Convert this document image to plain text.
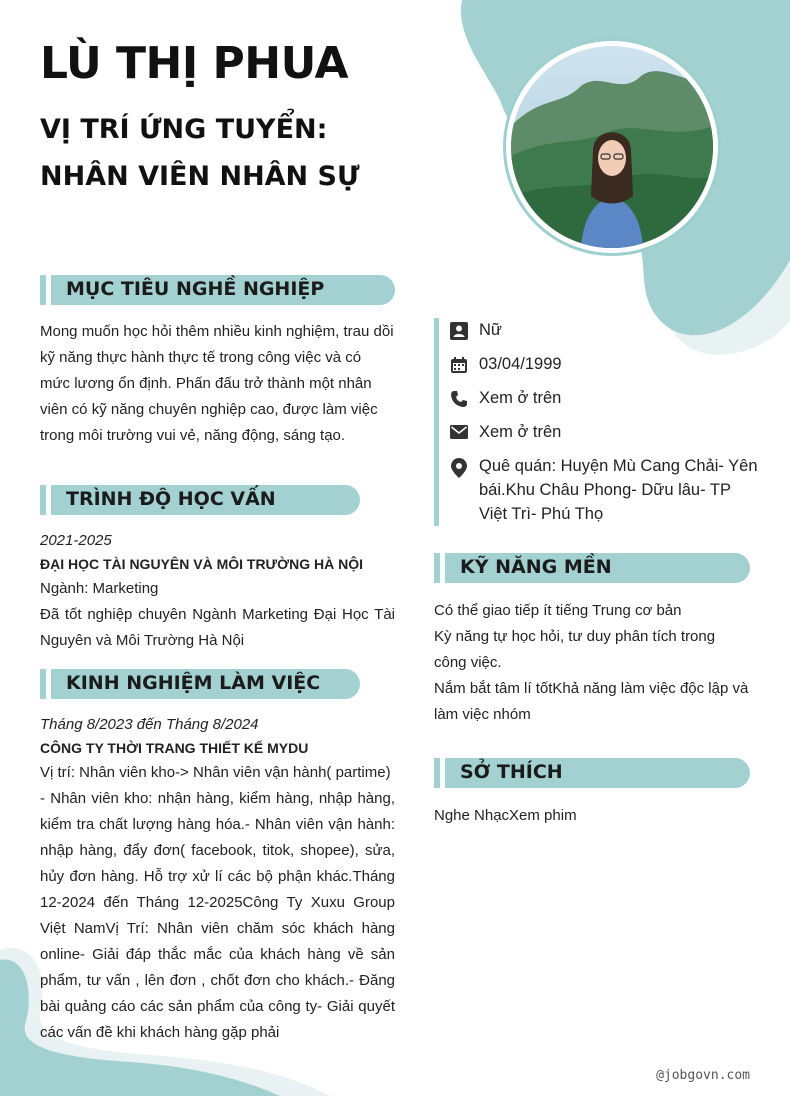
LÙ THỊ PHUA
VỊ TRÍ ỨNG TUYỂN: NHÂN VIÊN NHÂN SỰ
MỤC TIÊU NGHỀ NGHIỆP

Mong muốn học hỏi thêm nhiều kinh nghiệm, trau dồi kỹ năng thực hành thực tế trong công việc và có mức lương ổn định. Phấn đấu trở thành một nhân viên có kỹ năng chuyên nghiệp cao, được làm việc trong môi trường vui vẻ, năng động, sáng tạo.

TRÌNH ĐỘ HỌC VẤN

2021-2025

ĐẠI HỌC TÀI NGUYÊN VÀ MÔI TRƯỜNG HÀ NỘI

Ngành: Marketing

Đã tốt nghiệp chuyên Ngành Marketing Đại Học Tài Nguyên và Môi Trường Hà Nội

KINH NGHIỆM LÀM VIỆC

Tháng 8/2023 đến Tháng 8/2024

CÔNG TY THỜI TRANG THIẾT KẾ MYDU

Vị trí: Nhân viên kho-> Nhân viên vận hành( partime)

- Nhân viên kho: nhận hàng, kiểm hàng, nhập hàng, kiểm tra chất lượng hàng hóa.- Nhân viên vận hành: nhập hàng, đẩy đơn( facebook, titok, shopee), sửa, hủy đơn hàng. Hỗ trợ xử lí các bộ phận khác.Tháng 12-2024 đến Tháng 12-2025Công Ty Xuxu Group Việt NamVị Trí: Nhân viên chăm sóc khách hàng online- Giải đáp thắc mắc của khách hàng về sản phẩm, tư vấn , lên đơn , chốt đơn cho khách.- Đăng bài quảng cáo các sản phẩm của công ty- Giải quyết các vấn đề khi khách hàng gặp phải

Nữ
03/04/1999
Xem ở trên
Xem ở trên
Quê quán: Huyện Mù Cang Chải- Yên bái.Khu Châu Phong- Dữu lâu- TP Việt Trì- Phú Thọ
KỸ NĂNG MỀN

Có thể giao tiếp ít tiếng Trung cơ bản

Kỳ năng tự học hỏi, tư duy phân tích trong công việc.

Nắm bắt tâm lí tốtKhả năng làm việc độc lập và làm việc nhóm

SỞ THÍCH

Nghe NhạcXem phim

@jobgovn.com
